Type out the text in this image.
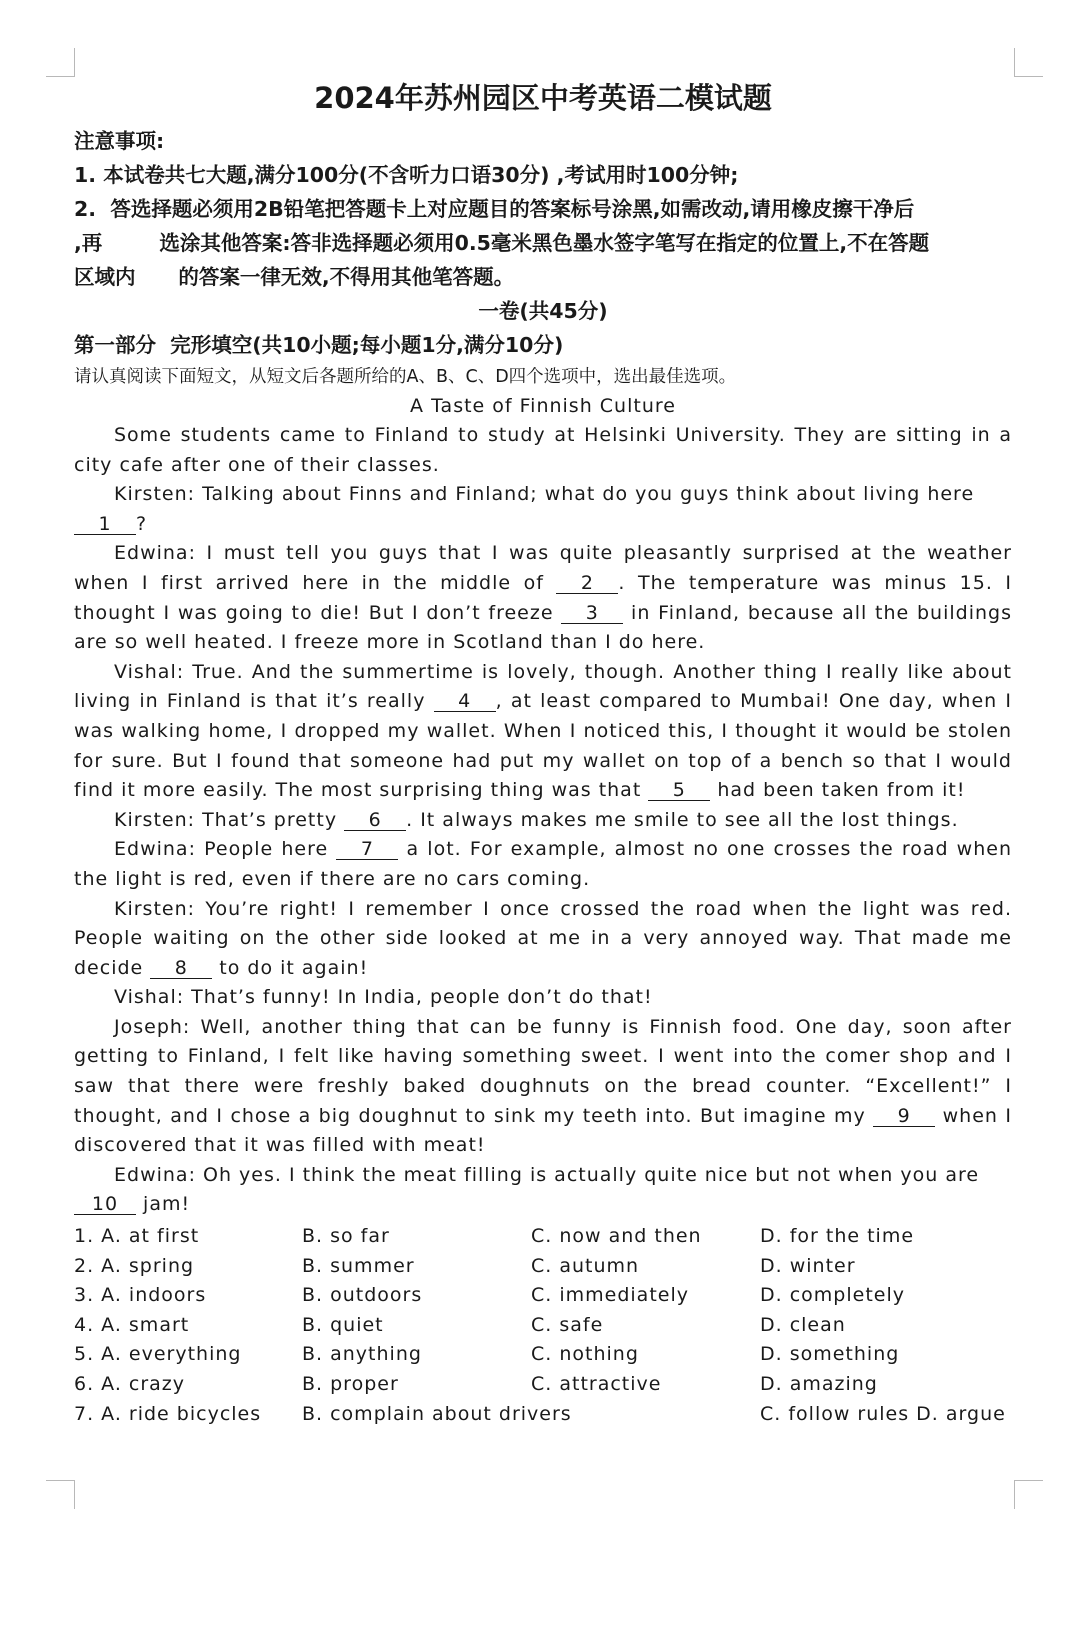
2024年苏州园区中考英语二模试题
注意事项:
1. 本试卷共七大题,满分100分(不含听力口语30分) ,考试用时100分钟;
2.  答选择题必须用2B铅笔把答题卡上对应题目的答案标号涂黑,如需改动,请用橡皮擦干净后
,再        选涂其他答案:答非选择题必须用0.5毫米黑色墨水签字笔写在指定的位置上,不在答题
区域内      的答案一律无效,不得用其他笔答题。
一卷(共45分)
第一部分  完形填空(共10小题;每小题1分,满分10分)
请认真阅读下面短文，从短文后各题所给的A、B、C、D四个选项中，选出最佳选项。
A Taste of Finnish Culture

Some students came to Finland to study at Helsinki University. They are sitting in a city cafe after one of their classes.

Kirsten: Talking about Finns and Finland; what do you guys think about living here
1 ?

Edwina: I must tell you guys that I was quite pleasantly surprised at the weather when I first arrived here in the middle of 2 . The temperature was minus 15. I thought I was going to die! But I don’t freeze 3 in Finland, because all the buildings are so well heated. I freeze more in Scotland than I do here.

Vishal: True. And the summertime is lovely, though. Another thing I really like about living in Finland is that it’s really 4 , at least compared to Mumbai! One day, when I was walking home, I dropped my wallet. When I noticed this, I thought it would be stolen for sure. But I found that someone had put my wallet on top of a bench so that I would find it more easily. The most surprising thing was that 5 had been taken from it!

Kirsten: That’s pretty 6 . It always makes me smile to see all the lost things.

Edwina: People here 7 a lot. For example, almost no one crosses the road when the light is red, even if there are no cars coming.

Kirsten: You’re right! I remember I once crossed the road when the light was red. People waiting on the other side looked at me in a very annoyed way. That made me decide 8 to do it again!

Vishal: That’s funny! In India, people don’t do that!

Joseph: Well, another thing that can be funny is Finnish food. One day, soon after getting to Finland, I felt like having something sweet. I went into the comer shop and I saw that there were freshly baked doughnuts on the bread counter. “Excellent!” I thought, and I chose a big doughnut to sink my teeth into. But imagine my 9 when I discovered that it was filled with meat!

Edwina: Oh yes. I think the meat filling is actually quite nice but not when you are
10 jam!

1. A. at first	B. so far	C. now and then	D. for the time
2. A. spring	B. summer	C. autumn	D. winter
3. A. indoors	B. outdoors	C. immediately	D. completely
4. A. smart	B. quiet	C. safe	D. clean
5. A. everything	B. anything	C. nothing	D. something
6. A. crazy	B. proper	C. attractive	D. amazing
7. A. ride bicycles B. complain about drivers	C. follow rules D. argue
